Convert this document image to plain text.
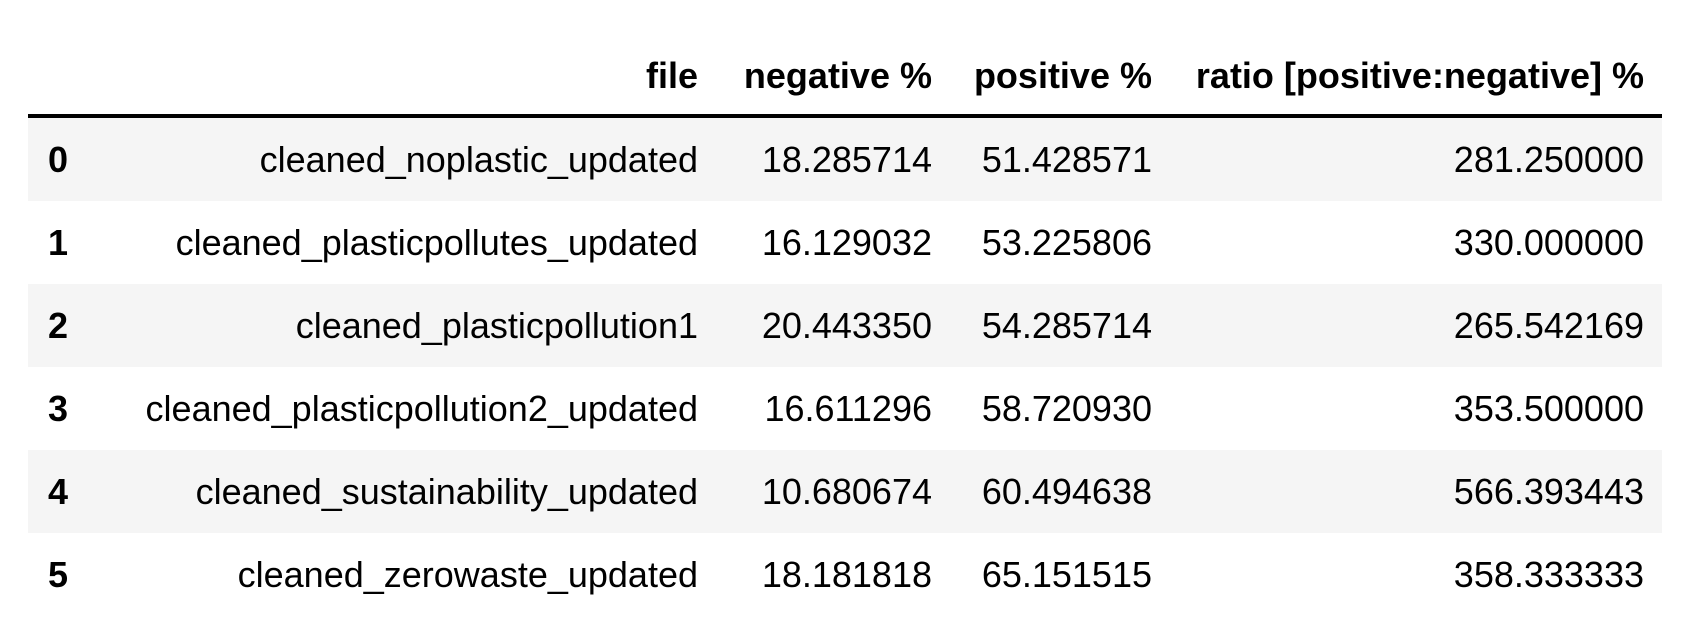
	file	negative %	positive %	ratio [positive:negative] %
0	cleaned_noplastic_updated	18.285714	51.428571	281.250000
1	cleaned_plasticpollutes_updated	16.129032	53.225806	330.000000
2	cleaned_plasticpollution1	20.443350	54.285714	265.542169
3	cleaned_plasticpollution2_updated	16.611296	58.720930	353.500000
4	cleaned_sustainability_updated	10.680674	60.494638	566.393443
5	cleaned_zerowaste_updated	18.181818	65.151515	358.333333
